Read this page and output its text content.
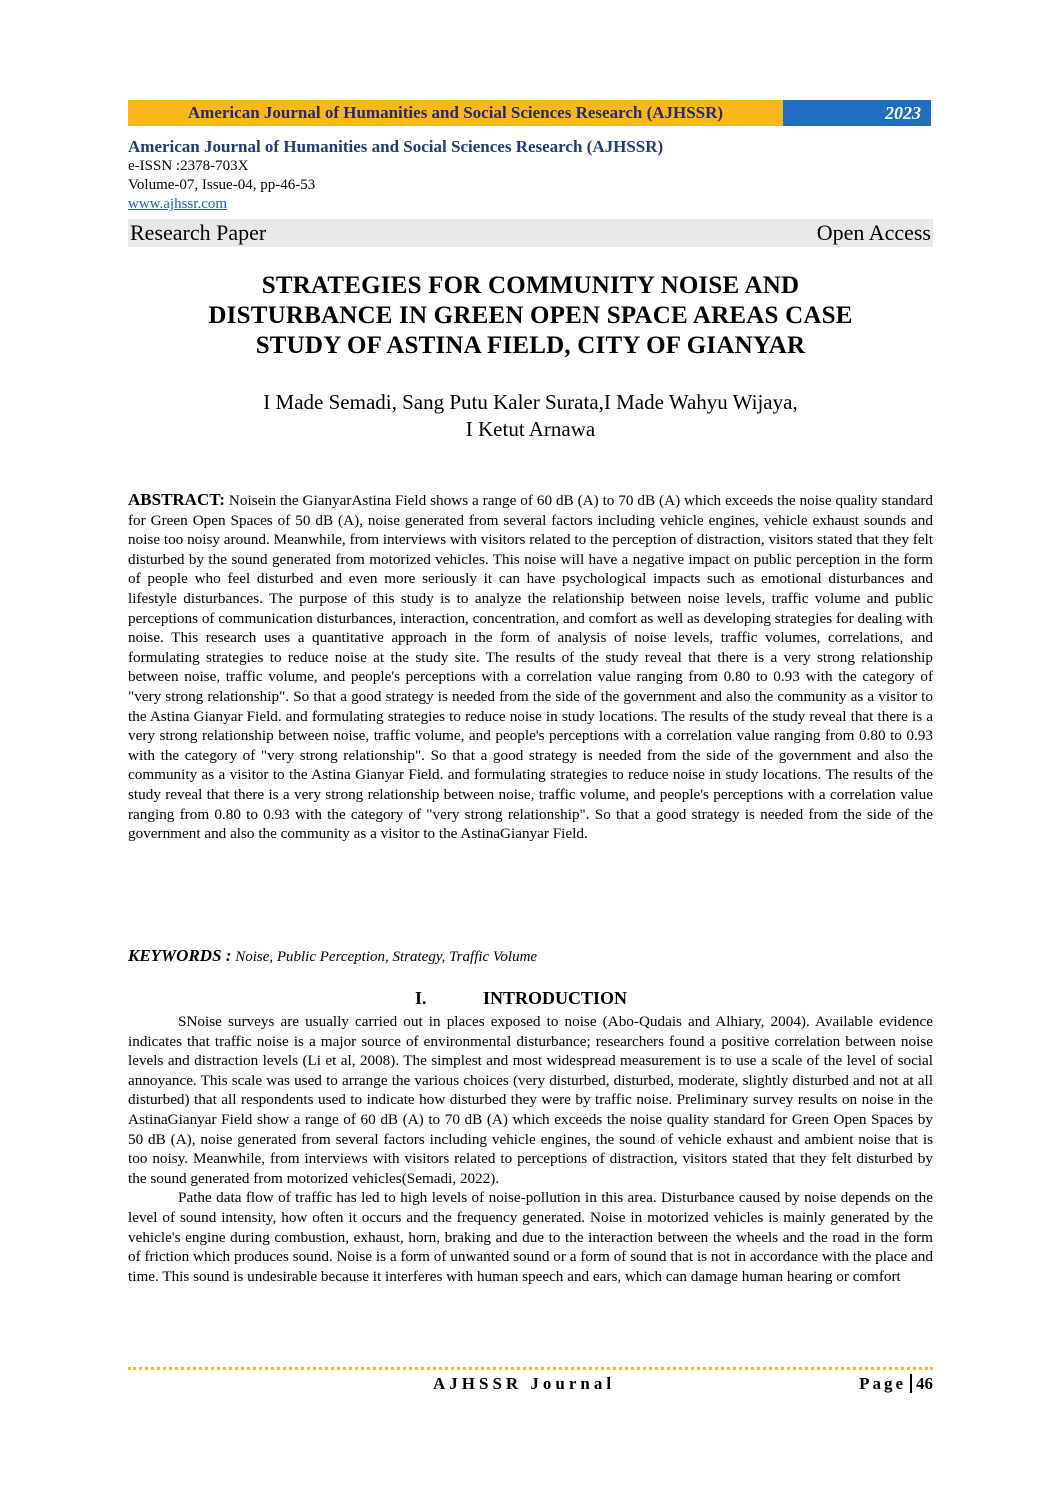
American Journal of Humanities and Social Sciences Research (AJHSSR)	2023
American Journal of Humanities and Social Sciences Research (AJHSSR)
e-ISSN :2378-703X
Volume-07, Issue-04, pp-46-53
www.ajhssr.com
Research Paper	Open Access
STRATEGIES FOR COMMUNITY NOISE AND
DISTURBANCE IN GREEN OPEN SPACE AREAS CASE
STUDY OF ASTINA FIELD, CITY OF GIANYAR
I Made Semadi, Sang Putu Kaler Surata,I Made Wahyu Wijaya,
I Ketut Arnawa
ABSTRACT: Noisein the GianyarAstina Field shows a range of 60 dB (A) to 70 dB (A) which exceeds the noise quality standard for Green Open Spaces of 50 dB (A), noise generated from several factors including vehicle engines, vehicle exhaust sounds and noise too noisy around. Meanwhile, from interviews with visitors related to the perception of distraction, visitors stated that they felt disturbed by the sound generated from motorized vehicles. This noise will have a negative impact on public perception in the form of people who feel disturbed and even more seriously it can have psychological impacts such as emotional disturbances and lifestyle disturbances. The purpose of this study is to analyze the relationship between noise levels, traffic volume and public perceptions of communication disturbances, interaction, concentration, and comfort as well as developing strategies for dealing with noise. This research uses a quantitative approach in the form of analysis of noise levels, traffic volumes, correlations, and formulating strategies to reduce noise at the study site. The results of the study reveal that there is a very strong relationship between noise, traffic volume, and people's perceptions with a correlation value ranging from 0.80 to 0.93 with the category of "very strong relationship". So that a good strategy is needed from the side of the government and also the community as a visitor to the Astina Gianyar Field. and formulating strategies to reduce noise in study locations. The results of the study reveal that there is a very strong relationship between noise, traffic volume, and people's perceptions with a correlation value ranging from 0.80 to 0.93 with the category of "very strong relationship". So that a good strategy is needed from the side of the government and also the community as a visitor to the Astina Gianyar Field. and formulating strategies to reduce noise in study locations. The results of the study reveal that there is a very strong relationship between noise, traffic volume, and people's perceptions with a correlation value ranging from 0.80 to 0.93 with the category of "very strong relationship". So that a good strategy is needed from the side of the government and also the community as a visitor to the AstinaGianyar Field.
KEYWORDS : Noise, Public Perception, Strategy, Traffic Volume
I.	INTRODUCTION

SNoise surveys are usually carried out in places exposed to noise (Abo-Qudais and Alhiary, 2004). Available evidence indicates that traffic noise is a major source of environmental disturbance; researchers found a positive correlation between noise levels and distraction levels (Li et al, 2008). The simplest and most widespread measurement is to use a scale of the level of social annoyance. This scale was used to arrange the various choices (very disturbed, disturbed, moderate, slightly disturbed and not at all disturbed) that all respondents used to indicate how disturbed they were by traffic noise. Preliminary survey results on noise in the AstinaGianyar Field show a range of 60 dB (A) to 70 dB (A) which exceeds the noise quality standard for Green Open Spaces by 50 dB (A), noise generated from several factors including vehicle engines, the sound of vehicle exhaust and ambient noise that is too noisy. Meanwhile, from interviews with visitors related to perceptions of distraction, visitors stated that they felt disturbed by the sound generated from motorized vehicles(Semadi, 2022).

Pathe data flow of traffic has led to high levels of noise-pollution in this area. Disturbance caused by noise depends on the level of sound intensity, how often it occurs and the frequency generated. Noise in motorized vehicles is mainly generated by the vehicle's engine during combustion, exhaust, horn, braking and due to the interaction between the wheels and the road in the form of friction which produces sound. Noise is a form of unwanted sound or a form of sound that is not in accordance with the place and time. This sound is undesirable because it interferes with human speech and ears, which can damage human hearing or comfort

AJHSSR Journal	Page 46
